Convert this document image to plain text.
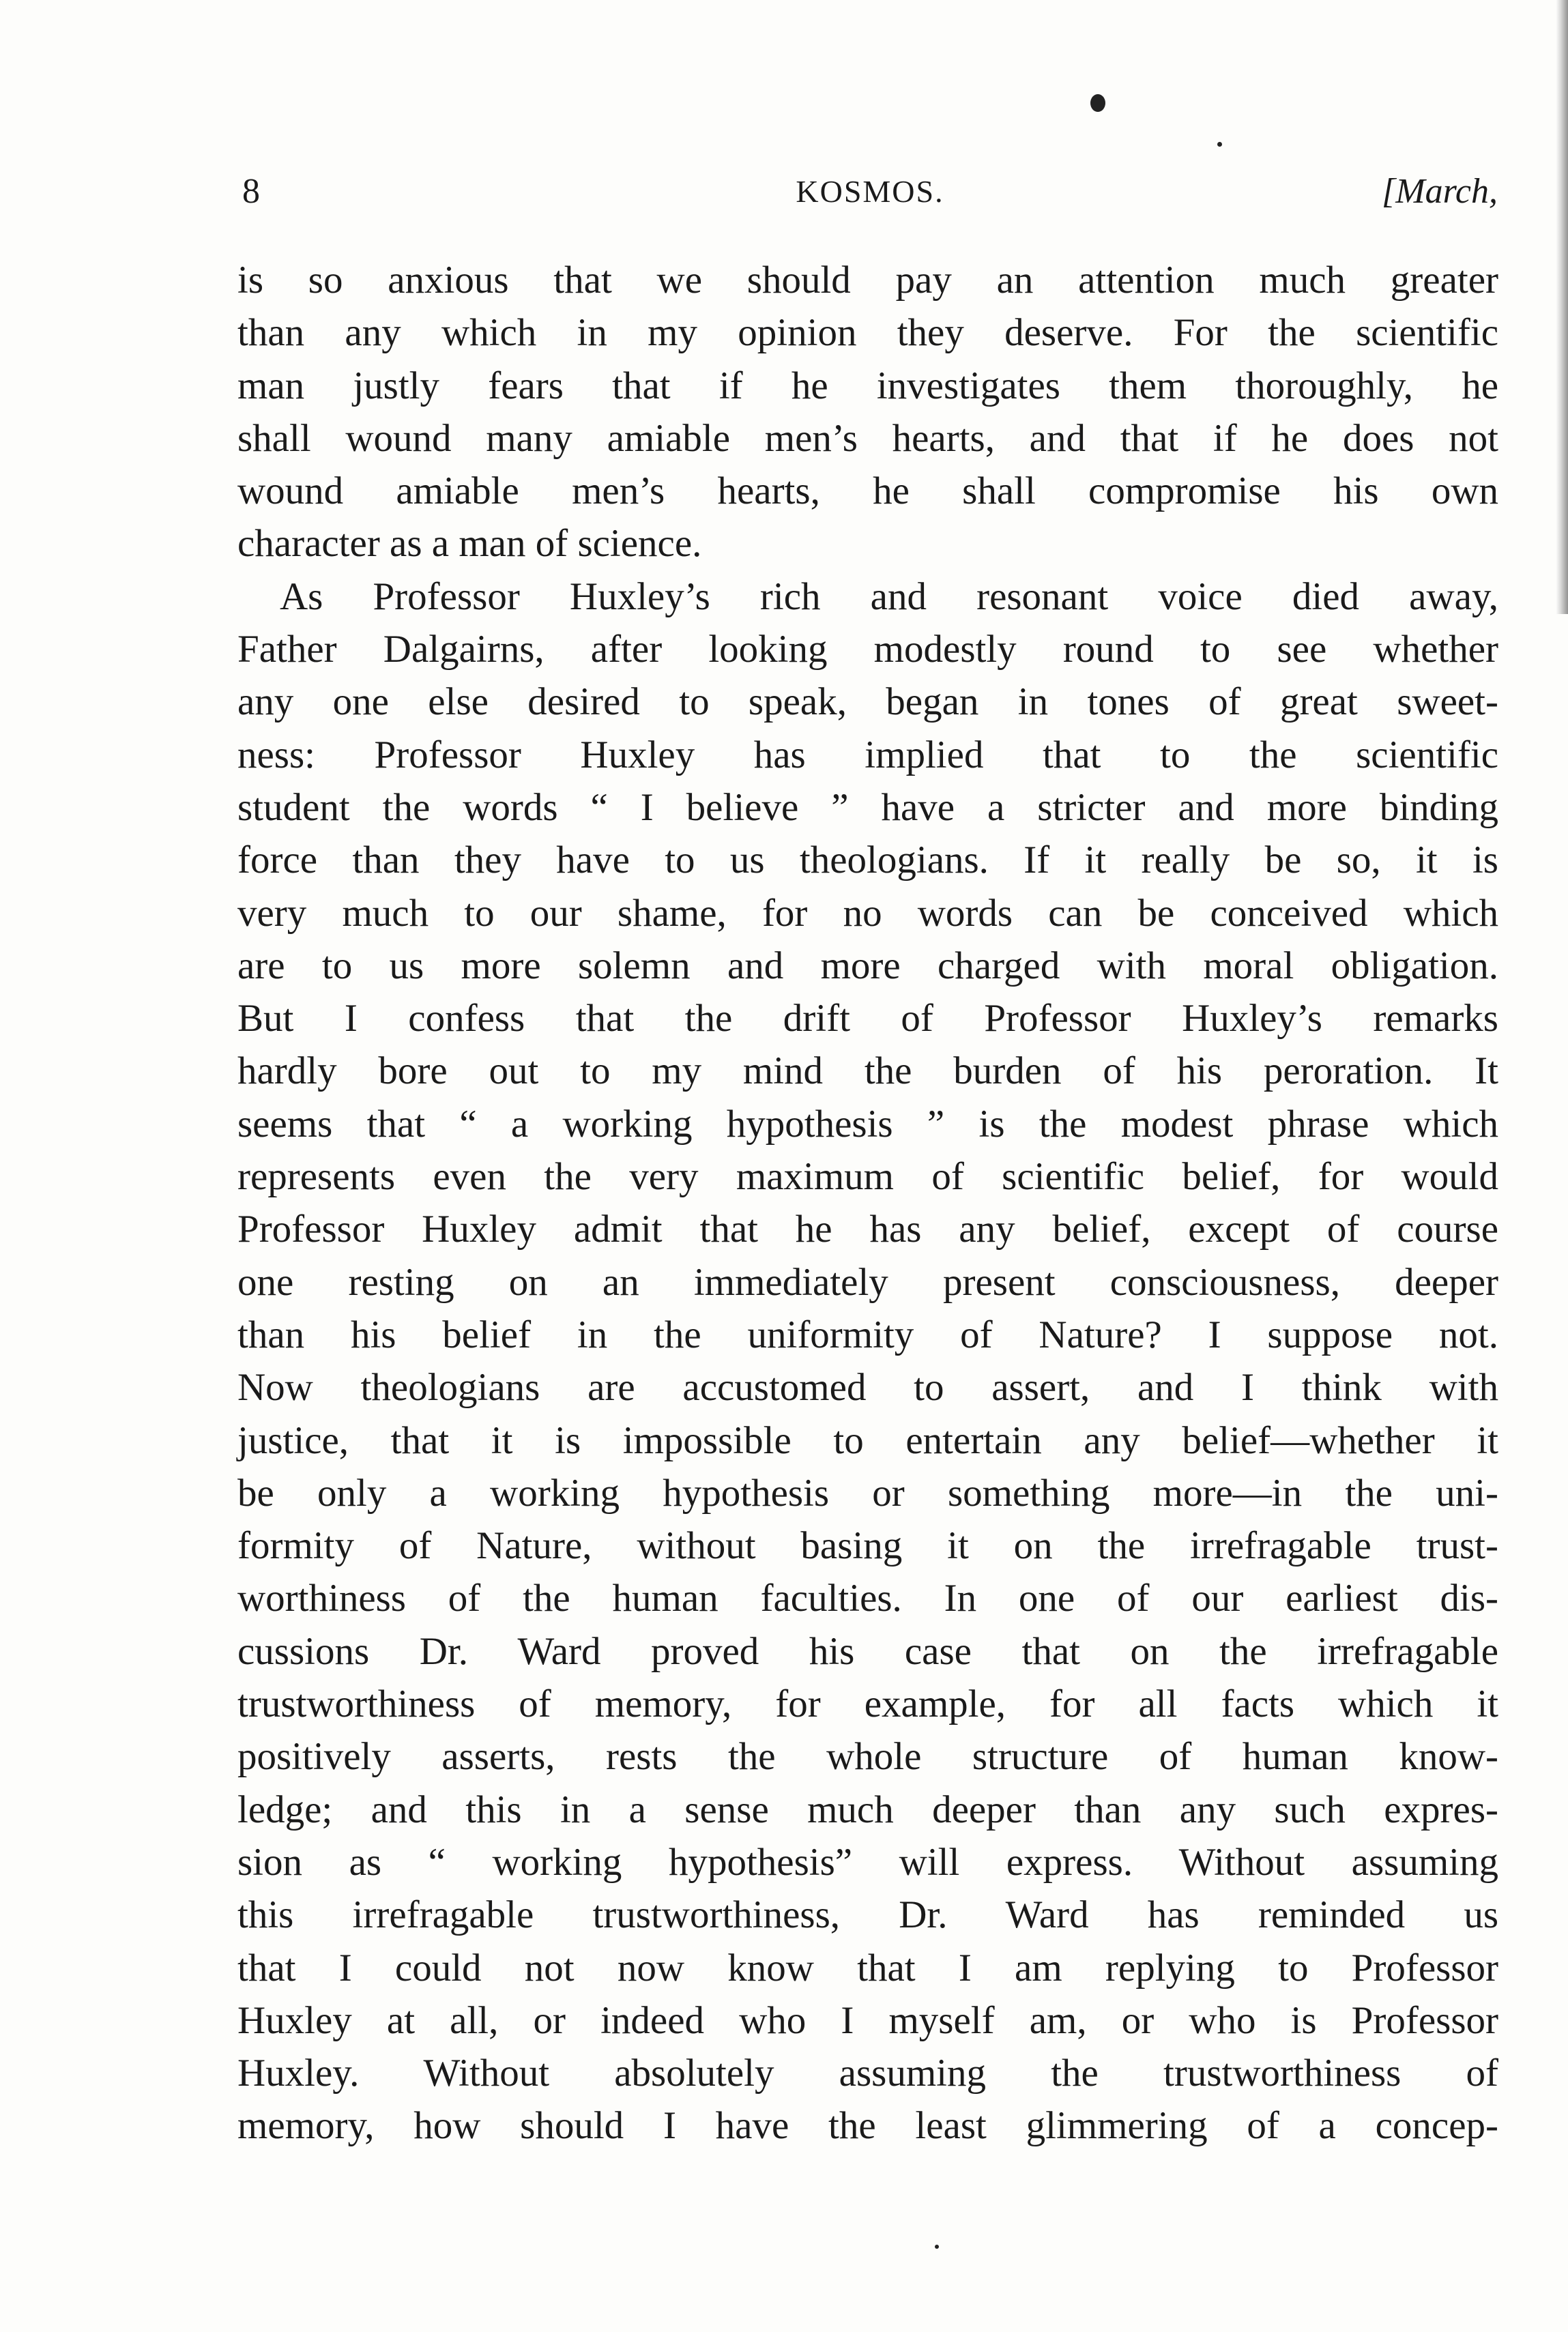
8	KOSMOS.	[March,
is so anxious that we should pay an attention much greater
than any which in my opinion they deserve. For the scientific
man justly fears that if he investigates them thoroughly, he
shall wound many amiable men’s hearts, and that if he does not
wound amiable men’s hearts, he shall compromise his own
character as a man of science.
As Professor Huxley’s rich and resonant voice died away,
Father Dalgairns, after looking modestly round to see whether
any one else desired to speak, began in tones of great sweet-
ness: Professor Huxley has implied that to the scientific
student the words “ I believe ” have a stricter and more binding
force than they have to us theologians. If it really be so, it is
very much to our shame, for no words can be conceived which
are to us more solemn and more charged with moral obligation.
But I confess that the drift of Professor Huxley’s remarks
hardly bore out to my mind the burden of his peroration. It
seems that “ a working hypothesis ” is the modest phrase which
represents even the very maximum of scientific belief, for would
Professor Huxley admit that he has any belief, except of course
one resting on an immediately present consciousness, deeper
than his belief in the uniformity of Nature? I suppose not.
Now theologians are accustomed to assert, and I think with
justice, that it is impossible to entertain any belief—whether it
be only a working hypothesis or something more—in the uni-
formity of Nature, without basing it on the irrefragable trust-
worthiness of the human faculties. In one of our earliest dis-
cussions Dr. Ward proved his case that on the irrefragable
trustworthiness of memory, for example, for all facts which it
positively asserts, rests the whole structure of human know-
ledge; and this in a sense much deeper than any such expres-
sion as “ working hypothesis” will express. Without assuming
this irrefragable trustworthiness, Dr. Ward has reminded us
that I could not now know that I am replying to Professor
Huxley at all, or indeed who I myself am, or who is Professor
Huxley. Without absolutely assuming the trustworthiness of
memory, how should I have the least glimmering of a concep-
